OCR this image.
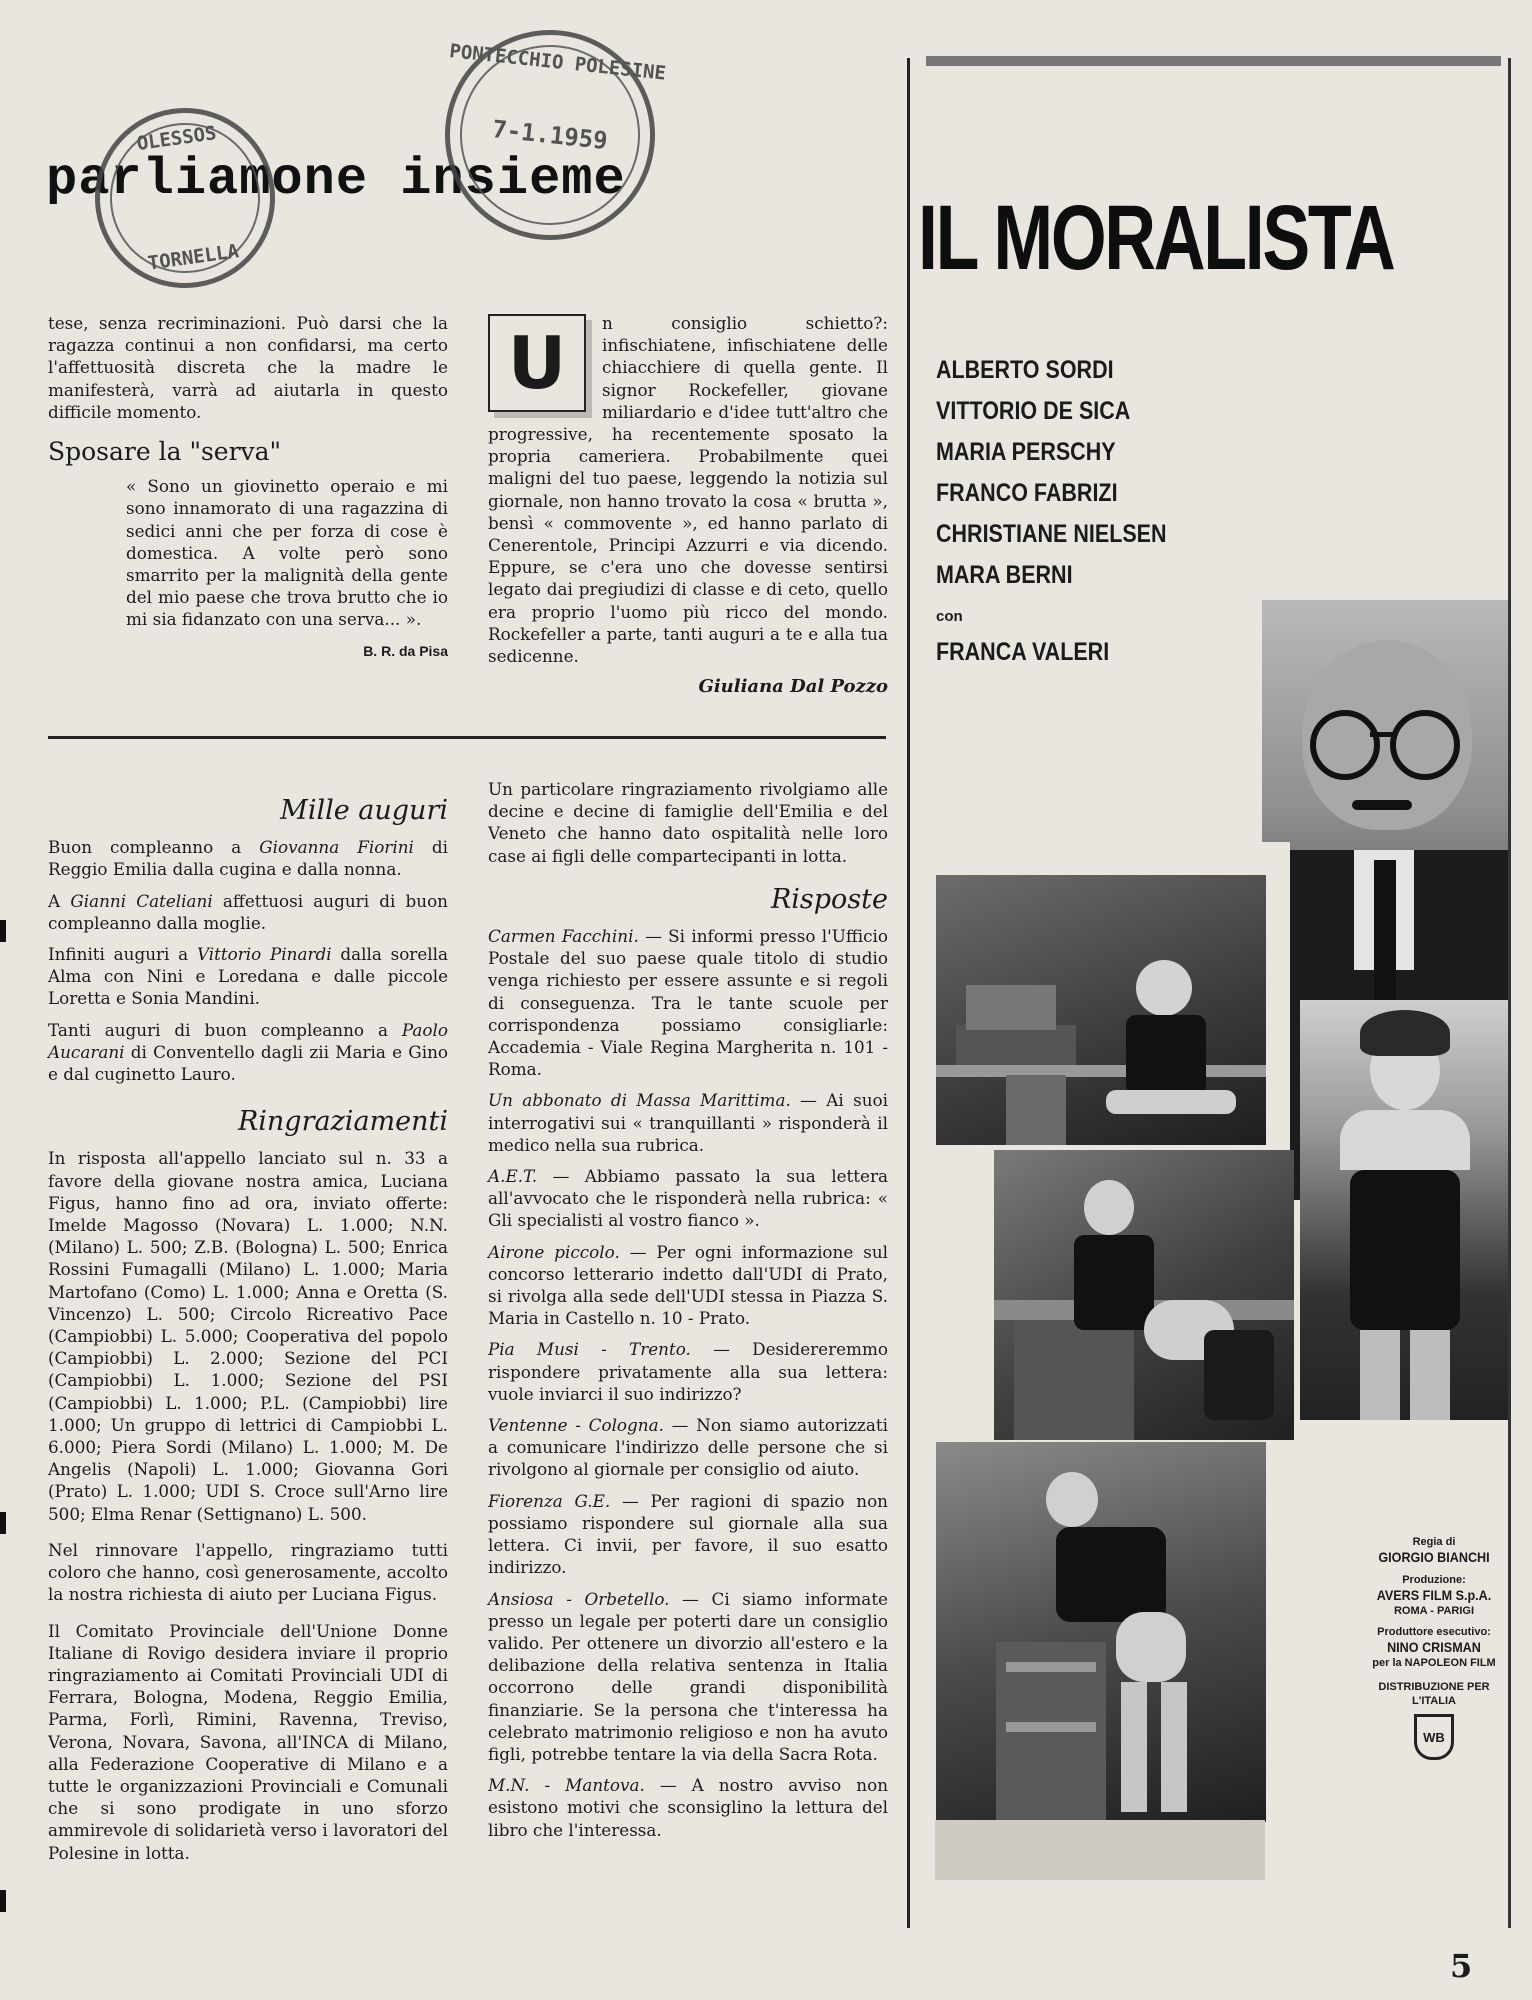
parliamone insieme
OLESSOS
TORNELLA
PONTECCHIO POLESINE
7-1.1959

tese, senza recriminazioni. Può darsi che la ragazza continui a non confidarsi, ma certo l'affettuosità discreta che la madre le manifesterà, varrà ad aiutarla in questo difficile momento.

Sposare la "serva"

« Sono un giovinetto operaio e mi sono innamorato di una ragazzina di sedici anni che per forza di cose è domestica. A volte però sono smarrito per la malignità della gente del mio paese che trova brutto che io mi sia fidanzato con una serva... ».

B. R. da Pisa
U	n consiglio schietto?: infischiatene, infischiatene delle chiacchiere di quella gente. Il signor Rockefeller, giovane miliardario e d'idee tutt'altro che progressive, ha recentemente sposato la propria cameriera. Probabilmente quei maligni del tuo paese, leggendo la notizia sul giornale, non hanno trovato la cosa « brutta », bensì « commovente », ed hanno parlato di Cenerentole, Principi Azzurri e via dicendo. Eppure, se c'era uno che dovesse sentirsi legato dai pregiudizi di classe e di ceto, quello era proprio l'uomo più ricco del mondo. Rockefeller a parte, tanti auguri a te e alla tua sedicenne.

Giuliana Dal Pozzo
Mille auguri

Buon compleanno a Giovanna Fiorini di Reggio Emilia dalla cugina e dalla nonna.

A Gianni Cateliani affettuosi auguri di buon compleanno dalla moglie.

Infiniti auguri a Vittorio Pinardi dalla sorella Alma con Nini e Loredana e dalle piccole Loretta e Sonia Mandini.

Tanti auguri di buon compleanno a Paolo Aucarani di Conventello dagli zii Maria e Gino e dal cuginetto Lauro.

Ringraziamenti

In risposta all'appello lanciato sul n. 33 a favore della giovane nostra amica, Luciana Figus, hanno fino ad ora, inviato offerte: Imelde Magosso (Novara) L. 1.000; N.N. (Milano) L. 500; Z.B. (Bologna) L. 500; Enrica Rossini Fumagalli (Milano) L. 1.000; Maria Martofano (Como) L. 1.000; Anna e Oretta (S. Vincenzo) L. 500; Circolo Ricreativo Pace (Campiobbi) L. 5.000; Cooperativa del popolo (Campiobbi) L. 2.000; Sezione del PCI (Campiobbi) L. 1.000; Sezione del PSI (Campiobbi) L. 1.000; P.L. (Campiobbi) lire 1.000; Un gruppo di lettrici di Campiobbi L. 6.000; Piera Sordi (Milano) L. 1.000; M. De Angelis (Napoli) L. 1.000; Giovanna Gori (Prato) L. 1.000; UDI S. Croce sull'Arno lire 500; Elma Renar (Settignano) L. 500.

Nel rinnovare l'appello, ringraziamo tutti coloro che hanno, così generosamente, accolto la nostra richiesta di aiuto per Luciana Figus.

Il Comitato Provinciale dell'Unione Donne Italiane di Rovigo desidera inviare il proprio ringraziamento ai Comitati Provinciali UDI di Ferrara, Bologna, Modena, Reggio Emilia, Parma, Forlì, Rimini, Ravenna, Treviso, Verona, Novara, Savona, all'INCA di Milano, alla Federazione Cooperative di Milano e a tutte le organizzazioni Provinciali e Comunali che si sono prodigate in uno sforzo ammirevole di solidarietà verso i lavoratori del Polesine in lotta.

Un particolare ringraziamento rivolgiamo alle decine e decine di famiglie dell'Emilia e del Veneto che hanno dato ospitalità nelle loro case ai figli delle compartecipanti in lotta.

Risposte

Carmen Facchini. — Si informi presso l'Ufficio Postale del suo paese quale titolo di studio venga richiesto per essere assunte e si regoli di conseguenza. Tra le tante scuole per corrispondenza possiamo consigliarle: Accademia - Viale Regina Margherita n. 101 - Roma.

Un abbonato di Massa Marittima. — Ai suoi interrogativi sui « tranquillanti » risponderà il medico nella sua rubrica.

A.E.T. — Abbiamo passato la sua lettera all'avvocato che le risponderà nella rubrica: « Gli specialisti al vostro fianco ».

Airone piccolo. — Per ogni informazione sul concorso letterario indetto dall'UDI di Prato, si rivolga alla sede dell'UDI stessa in Piazza S. Maria in Castello n. 10 - Prato.

Pia Musi - Trento. — Desidereremmo rispondere privatamente alla sua lettera: vuole inviarci il suo indirizzo?

Ventenne - Cologna. — Non siamo autorizzati a comunicare l'indirizzo delle persone che si rivolgono al giornale per consiglio od aiuto.

Fiorenza G.E. — Per ragioni di spazio non possiamo rispondere sul giornale alla sua lettera. Ci invii, per favore, il suo esatto indirizzo.

Ansiosa - Orbetello. — Ci siamo informate presso un legale per poterti dare un consiglio valido. Per ottenere un divorzio all'estero e la delibazione della relativa sentenza in Italia occorrono delle grandi disponibilità finanziarie. Se la persona che t'interessa ha celebrato matrimonio religioso e non ha avuto figli, potrebbe tentare la via della Sacra Rota.

M.N. - Mantova. — A nostro avviso non esistono motivi che sconsiglino la lettura del libro che l'interessa.

IL MORALISTA
ALBERTO SORDI
VITTORIO DE SICA
MARIA PERSCHY
FRANCO FABRIZI
CHRISTIANE NIELSEN
MARA BERNI
con
FRANCA VALERI
Regia di
GIORGIO BIANCHI
Produzione:
AVERS FILM S.p.A.
ROMA - PARIGI
Produttore esecutivo:
NINO CRISMAN
per la NAPOLEON FILM
DISTRIBUZIONE PER L'ITALIA
WB
5
